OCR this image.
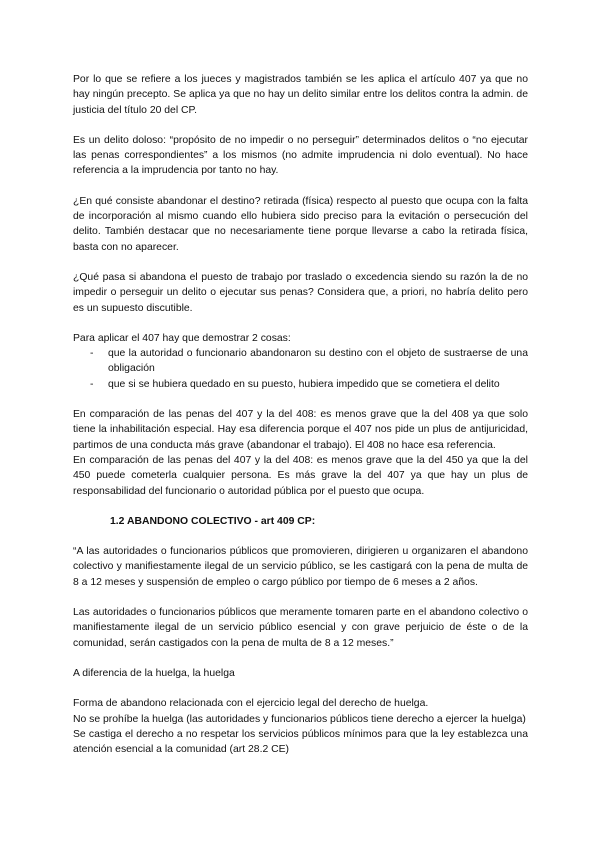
Por lo que se refiere a los jueces y magistrados también se les aplica el artículo 407 ya que no hay ningún precepto. Se aplica ya que no hay un delito similar entre los delitos contra la admin. de justicia del título 20 del CP.

Es un delito doloso: “propósito de no impedir o no perseguir” determinados delitos o “no ejecutar las penas correspondientes” a los mismos (no admite imprudencia ni dolo eventual). No hace referencia a la imprudencia por tanto no hay.

¿En qué consiste abandonar el destino? retirada (física) respecto al puesto que ocupa con la falta de incorporación al mismo cuando ello hubiera sido preciso para la evitación o persecución del delito. También destacar que no necesariamente tiene porque llevarse a cabo la retirada física, basta con no aparecer.

¿Qué pasa si abandona el puesto de trabajo por traslado o excedencia siendo su razón la de no impedir o perseguir un delito o ejecutar sus penas? Considera que, a priori, no habría delito pero es un supuesto discutible.

Para aplicar el 407 hay que demostrar 2 cosas:

- que la autoridad o funcionario abandonaron su destino con el objeto de sustraerse de una obligación
- que si se hubiera quedado en su puesto, hubiera impedido que se cometiera el delito

En comparación de las penas del 407 y la del 408: es menos grave que la del 408 ya que solo tiene la inhabilitación especial. Hay esa diferencia porque el 407 nos pide un plus de antijuricidad, partimos de una conducta más grave (abandonar el trabajo). El 408 no hace esa referencia.

En comparación de las penas del 407 y la del 408: es menos grave que la del 450 ya que la del 450 puede cometerla cualquier persona. Es más grave la del 407 ya que hay un plus de responsabilidad del funcionario o autoridad pública por el puesto que ocupa.

1.2 ABANDONO COLECTIVO - art 409 CP:

“A las autoridades o funcionarios públicos que promovieren, dirigieren u organizaren el abandono colectivo y manifiestamente ilegal de un servicio público, se les castigará con la pena de multa de 8 a 12 meses y suspensión de empleo o cargo público por tiempo de 6 meses a 2 años.

Las autoridades o funcionarios públicos que meramente tomaren parte en el abandono colectivo o manifiestamente ilegal de un servicio público esencial y con grave perjuicio de éste o de la comunidad, serán castigados con la pena de multa de 8 a 12 meses.”

A diferencia de la huelga, la huelga

Forma de abandono relacionada con el ejercicio legal del derecho de huelga.

No se prohíbe la huelga (las autoridades y funcionarios públicos tiene derecho a ejercer la huelga)

Se castiga el derecho a no respetar los servicios públicos mínimos para que la ley establezca una atención esencial a la comunidad (art 28.2 CE)
